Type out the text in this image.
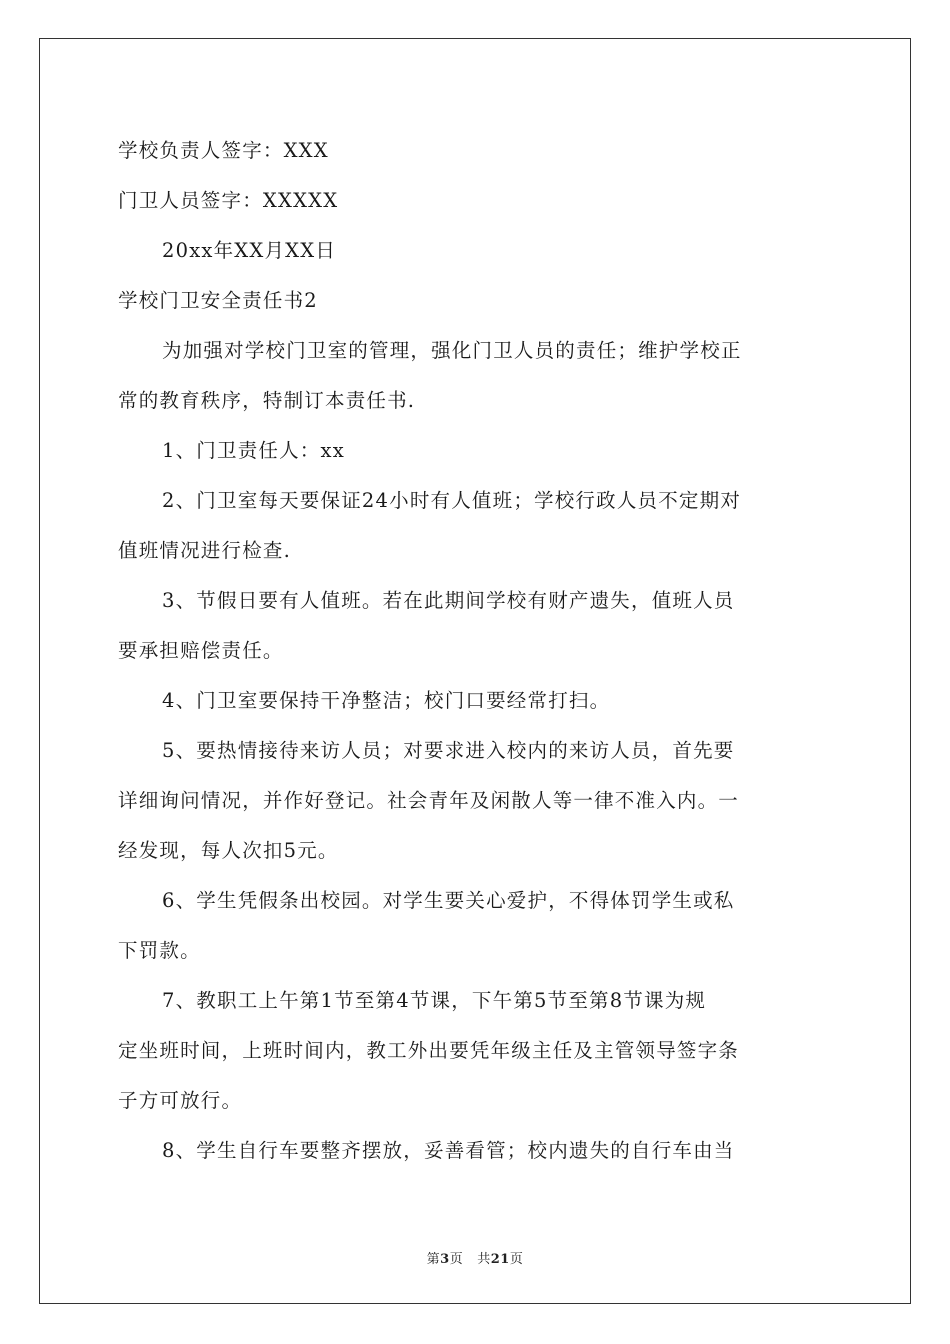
学校负责人签字：XXX
门卫人员签字：XXXXX
20xx年XX月XX日
学校门卫安全责任书2
为加强对学校门卫室的管理，强化门卫人员的责任；维护学校正
常的教育秩序，特制订本责任书.
1、门卫责任人：xx
2、门卫室每天要保证24小时有人值班；学校行政人员不定期对
值班情况进行检查.
3、节假日要有人值班。若在此期间学校有财产遗失，值班人员
要承担赔偿责任。
4、门卫室要保持干净整洁；校门口要经常打扫。
5、要热情接待来访人员；对要求进入校内的来访人员，首先要
详细询问情况，并作好登记。社会青年及闲散人等一律不准入内。一
经发现，每人次扣5元。
6、学生凭假条出校园。对学生要关心爱护，不得体罚学生或私
下罚款。
7、教职工上午第1节至第4节课，下午第5节至第8节课为规
定坐班时间，上班时间内，教工外出要凭年级主任及主管领导签字条
子方可放行。
8、学生自行车要整齐摆放，妥善看管；校内遗失的自行车由当
第3页 共21页
